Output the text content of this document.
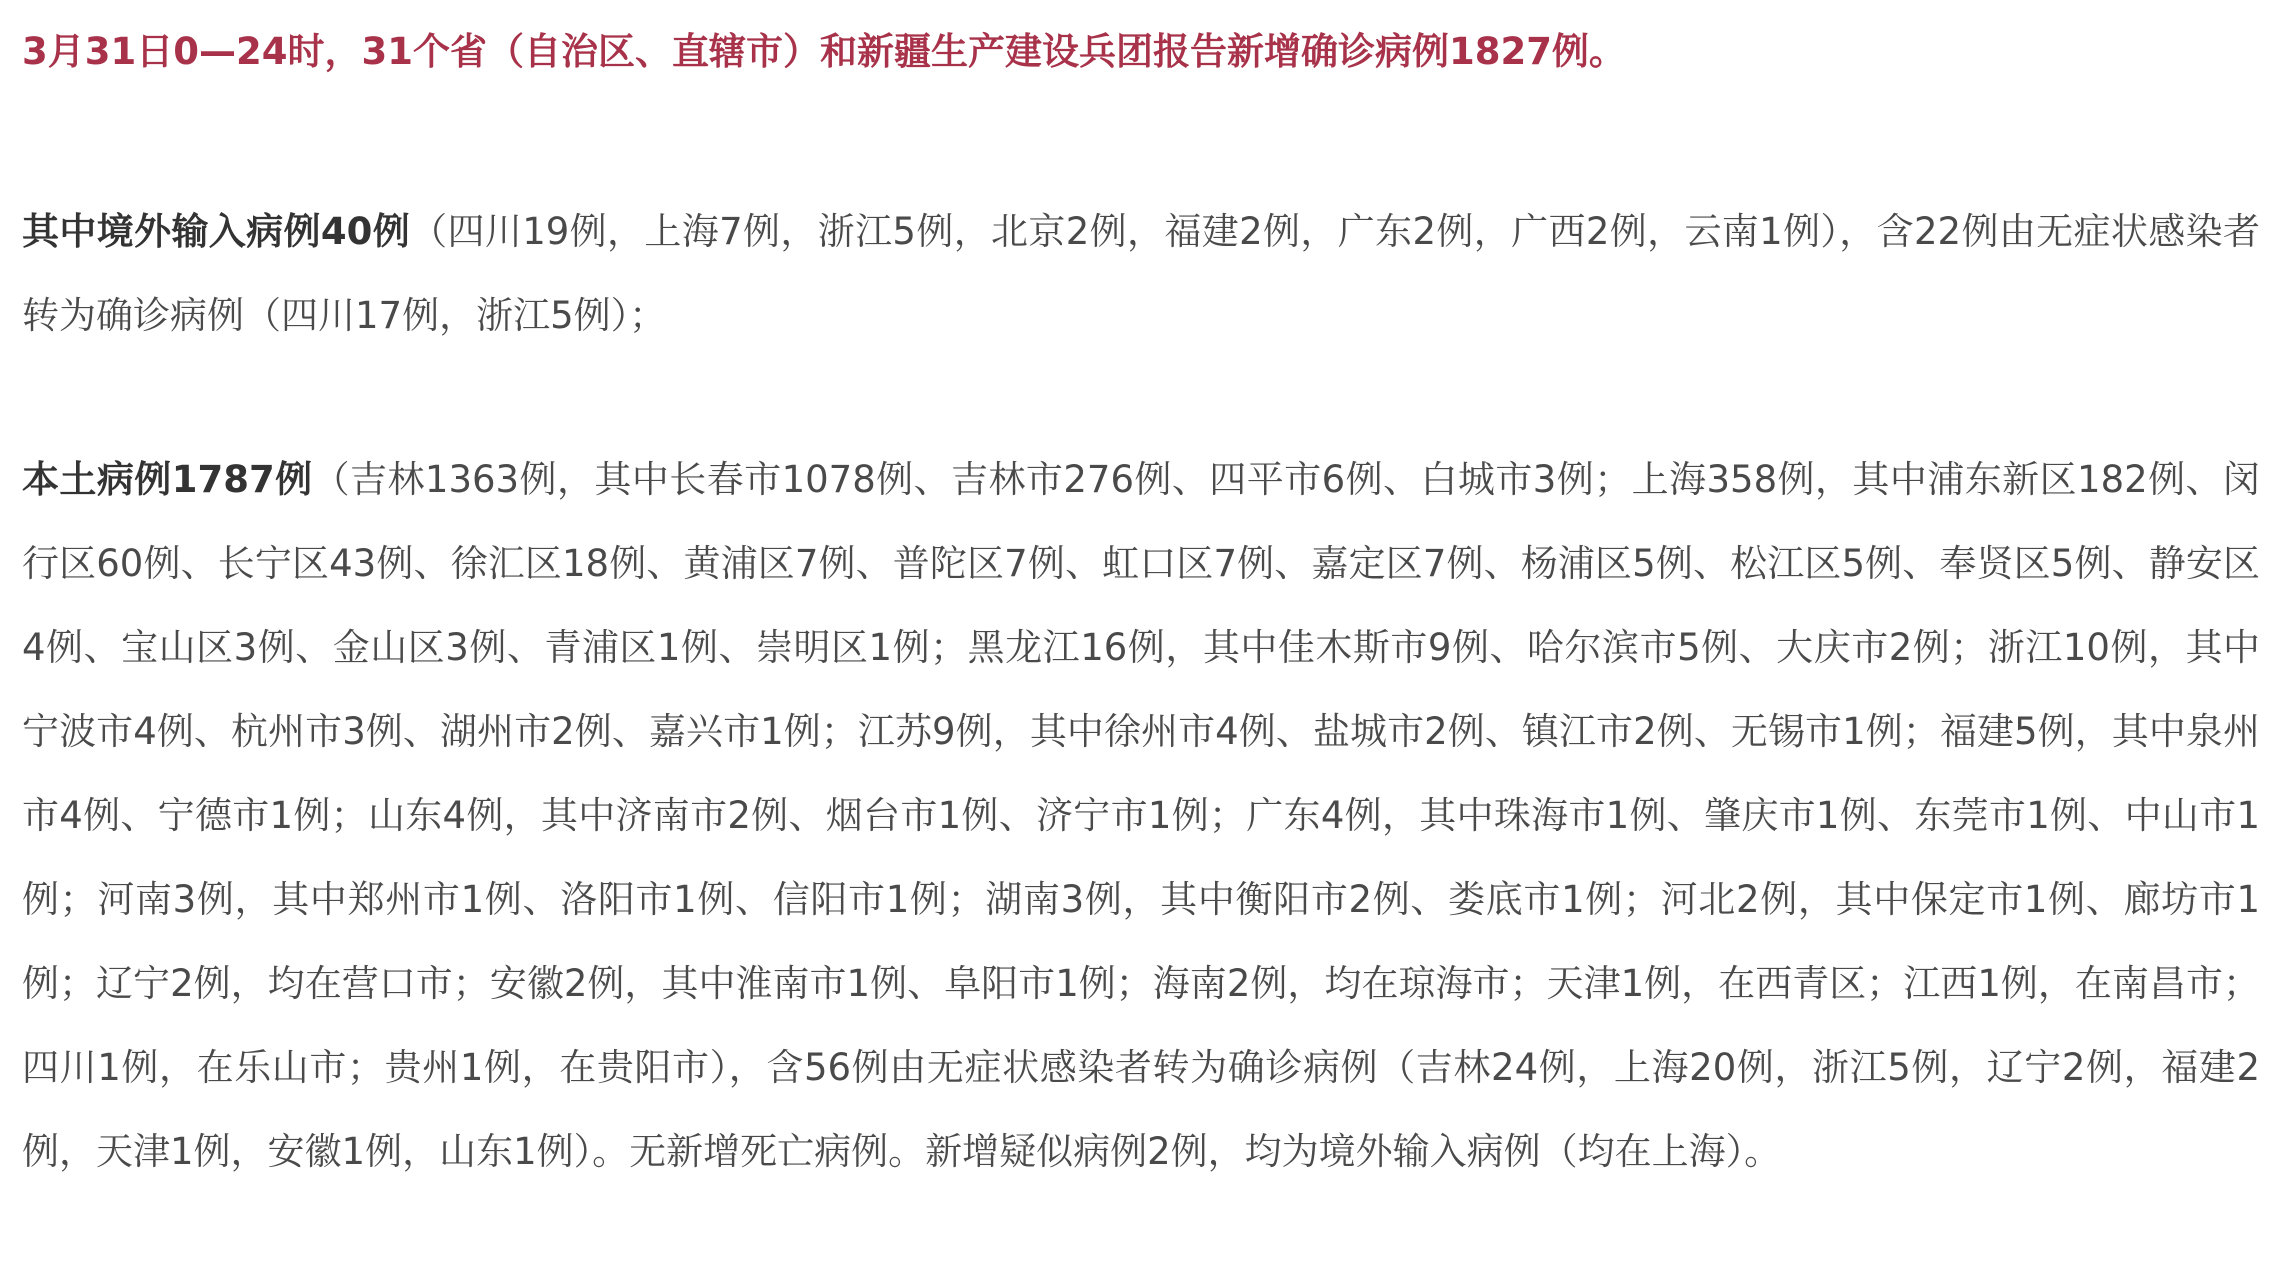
3月31日0—24时，31个省（自治区、直辖市）和新疆生产建设兵团报告新增确诊病例1827例。

其中境外输入病例40例（四川19例，上海7例，浙江5例，北京2例，福建2例，广东2例，广西2例，云南1例），含22例由无症状感染者转为确诊病例（四川17例，浙江5例）；

本土病例1787例（吉林1363例，其中长春市1078例、吉林市276例、四平市6例、白城市3例；上海358例，其中浦东新区182例、闵行区60例、长宁区43例、徐汇区18例、黄浦区7例、普陀区7例、虹口区7例、嘉定区7例、杨浦区5例、松江区5例、奉贤区5例、静安区4例、宝山区3例、金山区3例、青浦区1例、崇明区1例；黑龙江16例，其中佳木斯市9例、哈尔滨市5例、大庆市2例；浙江10例，其中宁波市4例、杭州市3例、湖州市2例、嘉兴市1例；江苏9例，其中徐州市4例、盐城市2例、镇江市2例、无锡市1例；福建5例，其中泉州市4例、宁德市1例；山东4例，其中济南市2例、烟台市1例、济宁市1例；广东4例，其中珠海市1例、肇庆市1例、东莞市1例、中山市1例；河南3例，其中郑州市1例、洛阳市1例、信阳市1例；湖南3例，其中衡阳市2例、娄底市1例；河北2例，其中保定市1例、廊坊市1例；辽宁2例，均在营口市；安徽2例，其中淮南市1例、阜阳市1例；海南2例，均在琼海市；天津1例，在西青区；江西1例，在南昌市；四川1例，在乐山市；贵州1例，在贵阳市），含56例由无症状感染者转为确诊病例（吉林24例，上海20例，浙江5例，辽宁2例，福建2例，天津1例，安徽1例，山东1例）。无新增死亡病例。新增疑似病例2例，均为境外输入病例（均在上海）。
